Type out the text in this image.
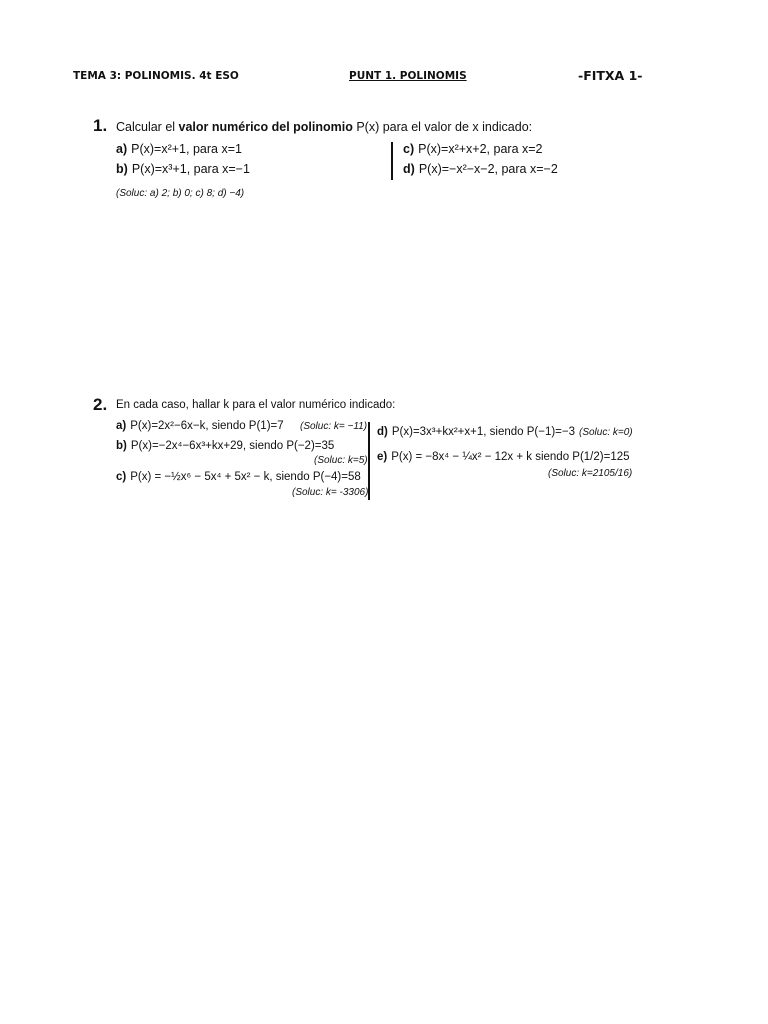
TEMA 3: POLINOMIS. 4t ESO	PUNT 1. POLINOMIS	-FITXA 1-
1. Calcular el valor numérico del polinomio P(x) para el valor de x indicado:
a) P(x)=x²+1, para x=1
b) P(x)=x³+1, para x=−1
c) P(x)=x²+x+2, para x=2
d) P(x)=−x²−x−2, para x=−2
(Soluc: a) 2; b) 0; c) 8; d) −4)
2. En cada caso, hallar k para el valor numérico indicado:
a) P(x)=2x²−6x−k, siendo P(1)=7 (Soluc: k= −11)
b) P(x)=−2x⁴−6x³+kx+29, siendo P(−2)=35
(Soluc: k=5)
c) P(x) = −½x⁶ − 5x⁴ + 5x² − k, siendo P(−4)=58
(Soluc: k= -3306)
d) P(x)=3x³+kx²+x+1, siendo P(−1)=−3 (Soluc: k=0)
e) P(x) = −8x⁴ − ¼x² − 12x + k siendo P(1/2)=125
(Soluc: k=2105/16)
